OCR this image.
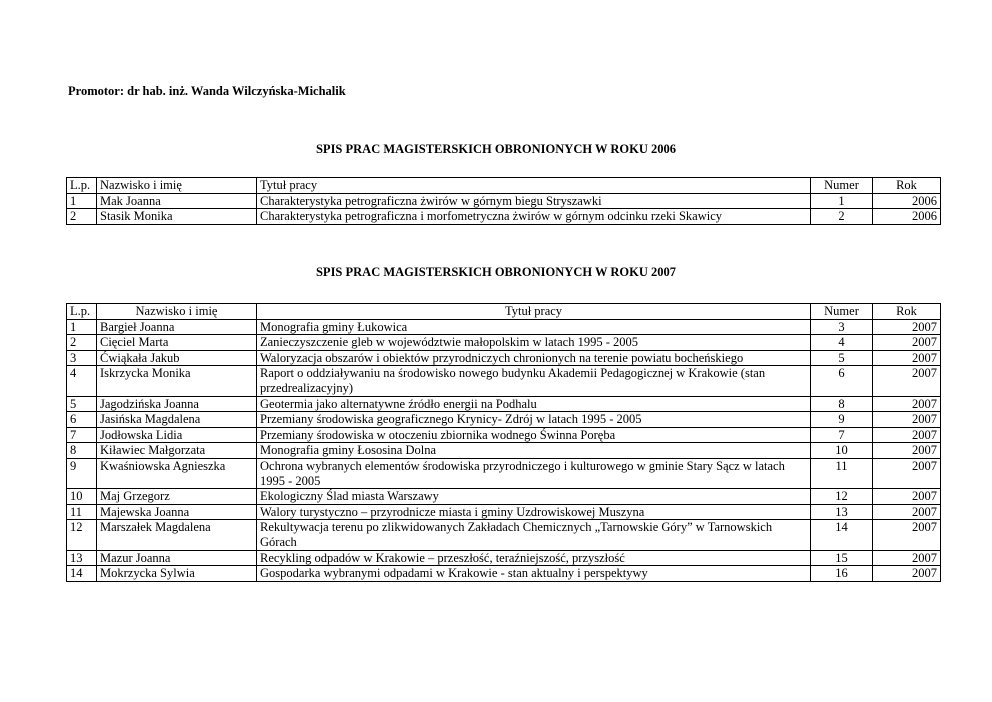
Promotor: dr hab. inż. Wanda Wilczyńska-Michalik
SPIS PRAC MAGISTERSKICH OBRONIONYCH W ROKU 2006
L.p.	Nazwisko i imię	Tytuł pracy	Numer	Rok
1	Mak Joanna	Charakterystyka petrograficzna żwirów w górnym biegu Stryszawki	1	2006
2	Stasik Monika	Charakterystyka petrograficzna i morfometryczna żwirów w górnym odcinku rzeki Skawicy	2	2006
SPIS PRAC MAGISTERSKICH OBRONIONYCH W ROKU 2007
L.p.	Nazwisko i imię	Tytuł pracy	Numer	Rok
1	Bargieł Joanna	Monografia gminy Łukowica	3	2007
2	Cięciel Marta	Zanieczyszczenie gleb w województwie małopolskim w latach 1995 - 2005	4	2007
3	Ćwiąkała Jakub	Waloryzacja obszarów i obiektów przyrodniczych chronionych na terenie powiatu bocheńskiego	5	2007
4	Iskrzycka Monika	Raport o oddziaływaniu na środowisko nowego budynku Akademii Pedagogicznej w Krakowie (stan przedrealizacyjny)	6	2007
5	Jagodzińska Joanna	Geotermia jako alternatywne źródło energii na Podhalu	8	2007
6	Jasińska Magdalena	Przemiany środowiska geograficznego Krynicy- Zdrój w latach 1995 - 2005	9	2007
7	Jodłowska Lidia	Przemiany środowiska w otoczeniu zbiornika wodnego Świnna Poręba	7	2007
8	Kiławiec Małgorzata	Monografia gminy Łososina Dolna	10	2007
9	Kwaśniowska Agnieszka	Ochrona wybranych elementów środowiska przyrodniczego i kulturowego w gminie Stary Sącz w latach 1995 - 2005	11	2007
10	Maj Grzegorz	Ekologiczny Ślad miasta Warszawy	12	2007
11	Majewska Joanna	Walory turystyczno – przyrodnicze miasta i gminy Uzdrowiskowej Muszyna	13	2007
12	Marszałek Magdalena	Rekultywacja terenu po zlikwidowanych Zakładach Chemicznych „Tarnowskie Góry” w Tarnowskich Górach	14	2007
13	Mazur Joanna	Recykling odpadów w Krakowie – przeszłość, teraźniejszość, przyszłość	15	2007
14	Mokrzycka Sylwia	Gospodarka wybranymi odpadami w Krakowie - stan aktualny i perspektywy	16	2007
